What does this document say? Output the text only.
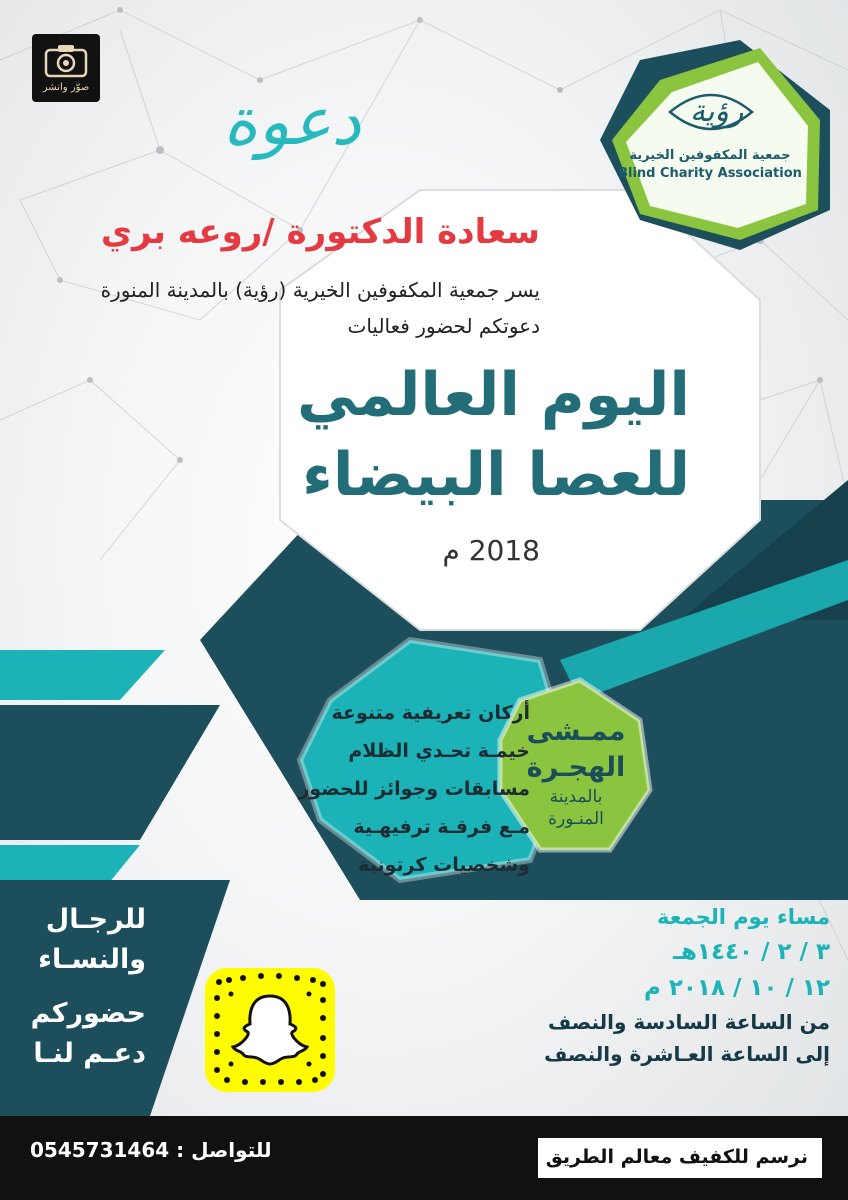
صوّر وانشر دعوة	رؤية
جمعية المكفوفين الخيرية
Blind Charity Association
سعادة الدكتورة /روعه بري
يسر جمعية المكفوفين الخيرية (رؤية) بالمدينة المنورة
دعوتكم لحضور فعاليات
اليوم العالمي
للعصا البيضاء
2018 م
أركان تعريفية متنوعة
خيمـة تحـدي الظلام
مسابقات وجوائز للحضور
مـع فرقـة ترفيهـية
وشخصيات كرتونية
ممـشى
الهجـرة
بالمدينة
المنـورة
مساء يوم الجمعة
٣ / ٢ / ١٤٤٠هـ
١٢ / ١٠ / ٢٠١٨ م
من الساعة السادسة والنصف
إلى الساعة العـاشرة والنصف
للرجـال
والنسـاء
حضوركم
دعـم لنـا
للتواصل : 0545731464	نرسم للكفيف معالم الطريق
